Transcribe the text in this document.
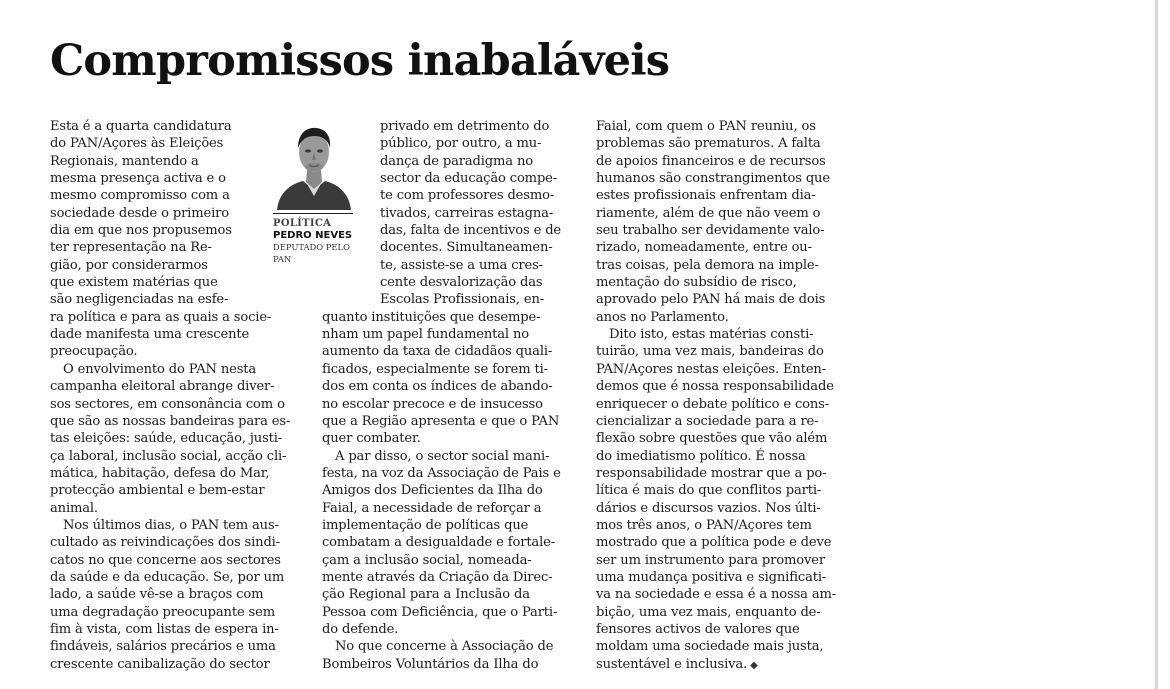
Compromissos inabaláveis
POLÍTICA
PEDRO NEVES
DEPUTADO PELO
PAN
Esta é a quarta candidatura
do PAN/Açores às Eleições
Regionais, mantendo a
mesma presença activa e o
mesmo compromisso com a
sociedade desde o primeiro
dia em que nos propusemos
ter representação na Re-
gião, por considerarmos
que existem matérias que
são negligenciadas na esfe-
ra política e para as quais a socie-
dade manifesta uma crescente
preocupação.
O envolvimento do PAN nesta
campanha eleitoral abrange diver-
sos sectores, em consonância com o
que são as nossas bandeiras para es-
tas eleições: saúde, educação, justi-
ça laboral, inclusão social, acção cli-
mática, habitação, defesa do Mar,
protecção ambiental e bem-estar
animal.
Nos últimos dias, o PAN tem aus-
cultado as reivindicações dos sindi-
catos no que concerne aos sectores
da saúde e da educação. Se, por um
lado, a saúde vê-se a braços com
uma degradação preocupante sem
fim à vista, com listas de espera in-
findáveis, salários precários e uma
crescente canibalização do sector
privado em detrimento do
público, por outro, a mu-
dança de paradigma no
sector da educação compe-
te com professores desmo-
tivados, carreiras estagna-
das, falta de incentivos e de
docentes. Simultaneamen-
te, assiste-se a uma cres-
cente desvalorização das
Escolas Profissionais, en-
quanto instituições que desempe-
nham um papel fundamental no
aumento da taxa de cidadãos quali-
ficados, especialmente se forem ti-
dos em conta os índices de abando-
no escolar precoce e de insucesso
que a Região apresenta e que o PAN
quer combater.
A par disso, o sector social mani-
festa, na voz da Associação de Pais e
Amigos dos Deficientes da Ilha do
Faial, a necessidade de reforçar a
implementação de políticas que
combatam a desigualdade e fortale-
çam a inclusão social, nomeada-
mente através da Criação da Direc-
ção Regional para a Inclusão da
Pessoa com Deficiência, que o Parti-
do defende.
No que concerne à Associação de
Bombeiros Voluntários da Ilha do
Faial, com quem o PAN reuniu, os
problemas são prematuros. A falta
de apoios financeiros e de recursos
humanos são constrangimentos que
estes profissionais enfrentam dia-
riamente, além de que não veem o
seu trabalho ser devidamente valo-
rizado, nomeadamente, entre ou-
tras coisas, pela demora na imple-
mentação do subsídio de risco,
aprovado pelo PAN há mais de dois
anos no Parlamento.
Dito isto, estas matérias consti-
tuirão, uma vez mais, bandeiras do
PAN/Açores nestas eleições. Enten-
demos que é nossa responsabilidade
enriquecer o debate político e cons-
ciencializar a sociedade para a re-
flexão sobre questões que vão além
do imediatismo político. É nossa
responsabilidade mostrar que a po-
lítica é mais do que conflitos parti-
dários e discursos vazios. Nos últi-
mos três anos, o PAN/Açores tem
mostrado que a política pode e deve
ser um instrumento para promover
uma mudança positiva e significati-
va na sociedade e essa é a nossa am-
bição, uma vez mais, enquanto de-
fensores activos de valores que
moldam uma sociedade mais justa,
sustentável e inclusiva. ◆
